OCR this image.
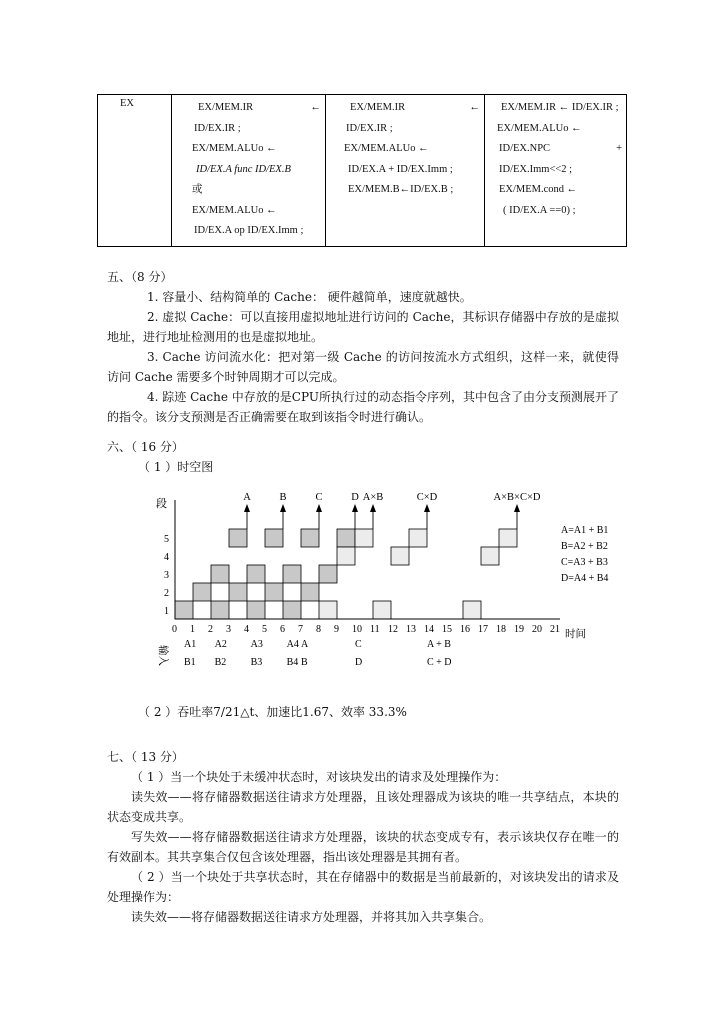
EX	EX/MEM.IR	←
ID/EX.IR ;
EX/MEM.ALUo ←
ID/EX.A func ID/EX.B
或
EX/MEM.ALUo ←
ID/EX.A op ID/EX.Imm ;

EX/MEM.IR	←
ID/EX.IR ;
EX/MEM.ALUo ←
ID/EX.A + ID/EX.Imm ;
EX/MEM.B←ID/EX.B ;

EX/MEM.IR ← ID/EX.IR ;
EX/MEM.ALUo ←
ID/EX.NPC	+
ID/EX.Imm<<2 ;
EX/MEM.cond ←
( ID/EX.A ==0) ;
五、（8 分）
1. 容量小、结构简单的 Cache： 硬件越简单，速度就越快。
2. 虚拟 Cache：可以直接用虚拟地址进行访问的 Cache，其标识存储器中存放的是虚拟地址，进行地址检测用的也是虚拟地址。
3. Cache 访问流水化：把对第一级 Cache 的访问按流水方式组织，这样一来，就使得访问 Cache 需要多个时钟周期才可以完成。
4. 踪迹 Cache 中存放的是CPU所执行过的动态指令序列，其中包含了由分支预测展开了的指令。该分支预测是否正确需要在取到该指令时进行确认。
六、（ 16 分）
（ 1 ）时空图
A	B	C	D A×B	C×D	A×B×C×D
段
1
2
3
4
5
0 1 2 3 4 5 6 7 8 9 10 11 12 13 14 15 16 17 18 19 20 21 时间
输入
A1 A2 A3 A4 A	C	A + B
B1 B2 B3 B4 B	D	C + D
A=A1 + B1
B=A2 + B2
C=A3 + B3
D=A4 + B4
（ 2 ）吞吐率7/21△t、加速比1.67、效率 33.3%
七、（ 13 分）
（ 1 ）当一个块处于未缓冲状态时，对该块发出的请求及处理操作为：
读失效——将存储器数据送往请求方处理器，且该处理器成为该块的唯一共享结点，本块的状态变成共享。
写失效——将存储器数据送往请求方处理器，该块的状态变成专有，表示该块仅存在唯一的有效副本。其共享集合仅包含该处理器，指出该处理器是其拥有者。
（ 2 ）当一个块处于共享状态时，其在存储器中的数据是当前最新的，对该块发出的请求及处理操作为：
读失效——将存储器数据送往请求方处理器，并将其加入共享集合。
